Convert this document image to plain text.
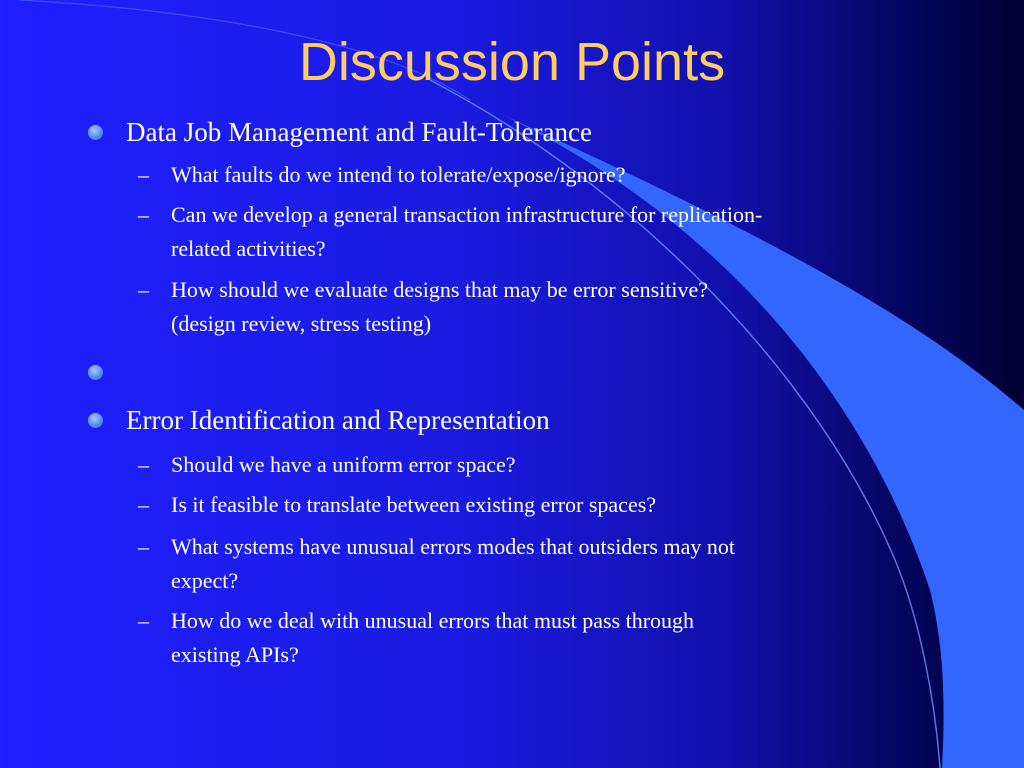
Discussion Points
Data Job Management and Fault-Tolerance
– What faults do we intend to tolerate/expose/ignore?
– Can we develop a general transaction infrastructure for replication-
related activities?
– How should we evaluate designs that may be error sensitive?
(design review, stress testing)
Error Identification and Representation
– Should we have a uniform error space?
– Is it feasible to translate between existing error spaces?
– What systems have unusual errors modes that outsiders may not
expect?
– How do we deal with unusual errors that must pass through
existing APIs?
